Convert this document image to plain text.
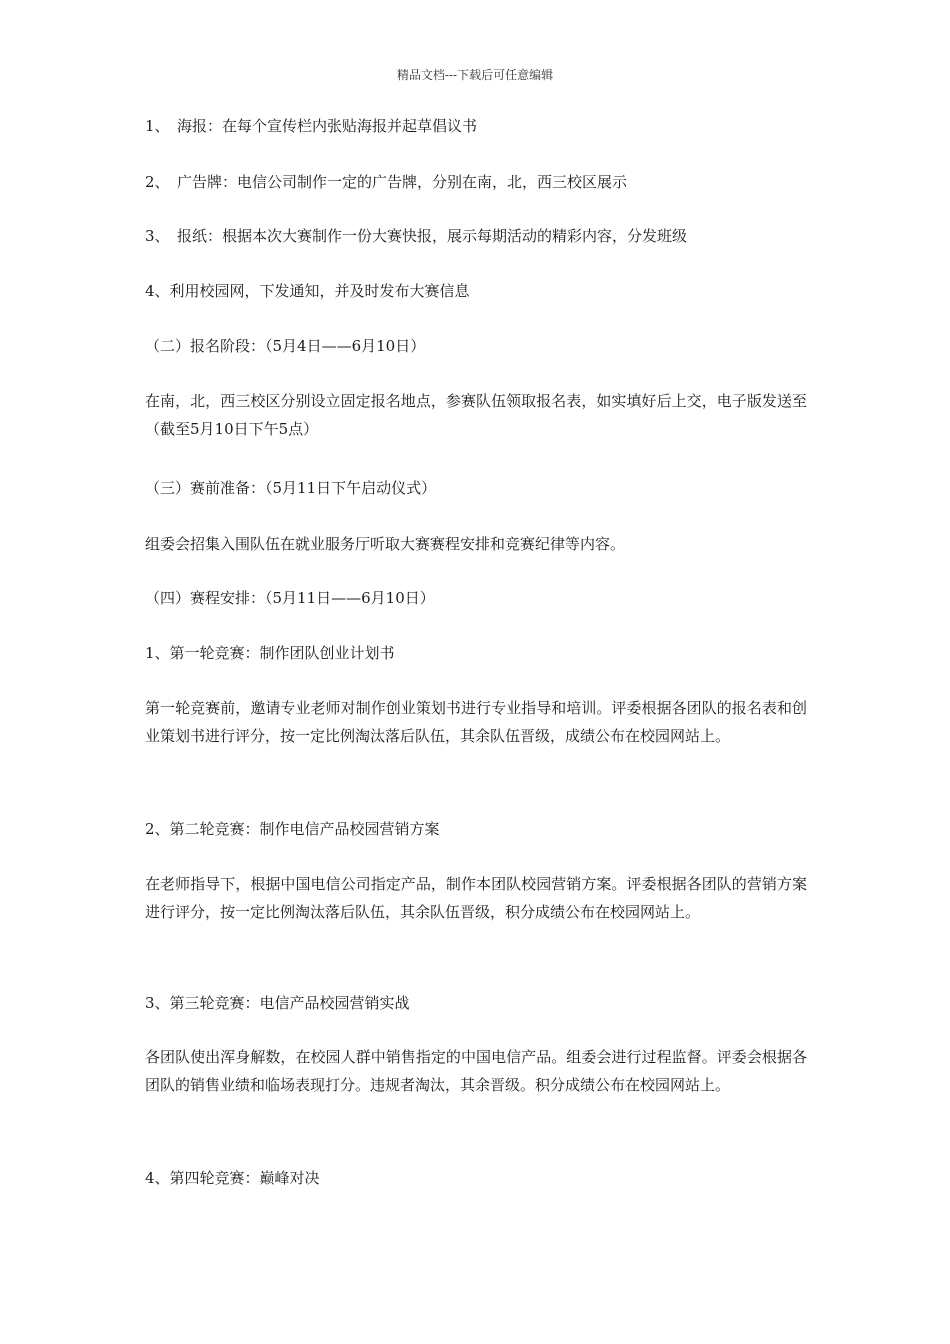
精品文档---下载后可任意编辑
1、　海报：在每个宣传栏内张贴海报并起草倡议书
2、　广告牌：电信公司制作一定的广告牌，分别在南，北，西三校区展示
3、　报纸：根据本次大赛制作一份大赛快报，展示每期活动的精彩内容，分发班级
4、利用校园网，下发通知，并及时发布大赛信息
（二）报名阶段：（5月4日——6月10日）
在南，北，西三校区分别设立固定报名地点，参赛队伍领取报名表，如实填好后上交，电子版发送至（截至5月10日下午5点）
（三）赛前准备：（5月11日下午启动仪式）
组委会招集入围队伍在就业服务厅听取大赛赛程安排和竞赛纪律等内容。
（四）赛程安排：（5月11日——6月10日）
1、第一轮竞赛：制作团队创业计划书
第一轮竞赛前，邀请专业老师对制作创业策划书进行专业指导和培训。评委根据各团队的报名表和创业策划书进行评分，按一定比例淘汰落后队伍，其余队伍晋级，成绩公布在校园网站上。
2、第二轮竞赛：制作电信产品校园营销方案
在老师指导下，根据中国电信公司指定产品，制作本团队校园营销方案。评委根据各团队的营销方案进行评分，按一定比例淘汰落后队伍，其余队伍晋级，积分成绩公布在校园网站上。
3、第三轮竞赛：电信产品校园营销实战
各团队使出浑身解数，在校园人群中销售指定的中国电信产品。组委会进行过程监督。评委会根据各团队的销售业绩和临场表现打分。违规者淘汰，其余晋级。积分成绩公布在校园网站上。
4、第四轮竞赛：巅峰对决
